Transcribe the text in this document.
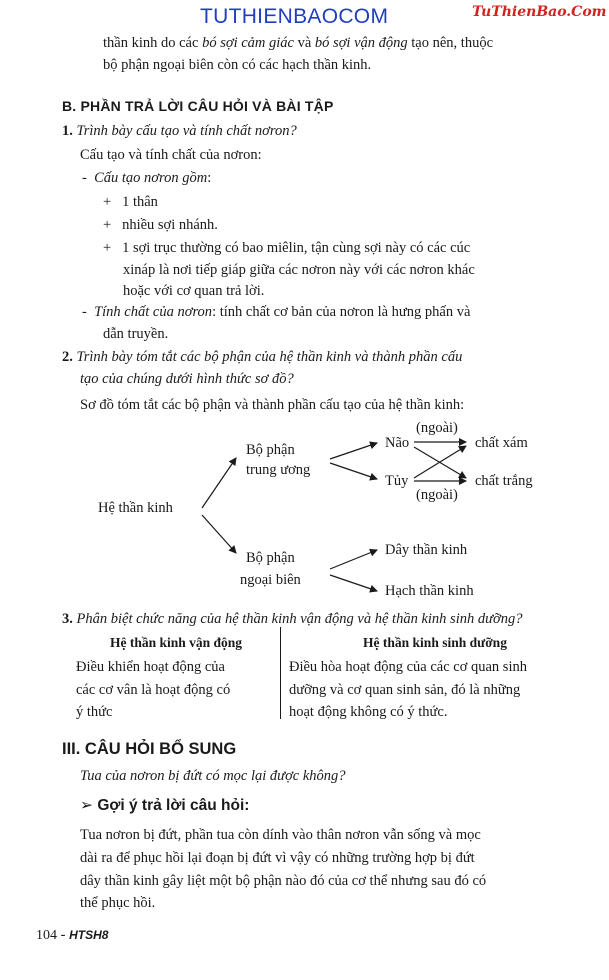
TUTHIENBAOCOM	TuThienBao.Com
thần kinh do các bó sợi cảm giác và bó sợi vận động tạo nên, thuộc
bộ phận ngoại biên còn có các hạch thần kinh.
B. PHẦN TRẢ LỜI CÂU HỎI VÀ BÀI TẬP
1. Trình bày cấu tạo và tính chất nơron?
Cấu tạo và tính chất của nơron:
- Cấu tạo nơron gồm:
+ 1 thân
+ nhiều sợi nhánh.
+ 1 sợi trục thường có bao miêlin, tận cùng sợi này có các cúc
xináp là nơi tiếp giáp giữa các nơron này với các nơron khác
hoặc với cơ quan trả lời.
- Tính chất của nơron: tính chất cơ bản của nơron là hưng phấn và
dẫn truyền.
2. Trình bày tóm tắt các bộ phận của hệ thần kinh và thành phần cấu
tạo của chúng dưới hình thức sơ đồ?
Sơ đồ tóm tắt các bộ phận và thành phần cấu tạo của hệ thần kinh:
Hệ thần kinh
Bộ phận
trung ương
Bộ phận
ngoại biên
Não
Tủy
(ngoài)
(ngoài)
chất xám
chất trắng
Dây thần kinh
Hạch thần kinh
3. Phân biệt chức năng của hệ thần kinh vận động và hệ thần kinh sinh dưỡng?
Hệ thần kinh vận động	Hệ thần kinh sinh dưỡng
Điều khiển hoạt động của
các cơ vân là hoạt động có
ý thức
Điều hòa hoạt động của các cơ quan sinh
dưỡng và cơ quan sinh sản, đó là những
hoạt động không có ý thức.
III. CÂU HỎI BỔ SUNG
Tua của nơron bị đứt có mọc lại được không?
➢ Gợi ý trả lời câu hỏi:
Tua nơron bị đứt, phần tua còn dính vào thân nơron vẫn sống và mọc
dài ra để phục hồi lại đoạn bị đứt vì vậy có những trường hợp bị đứt
dây thần kinh gây liệt một bộ phận nào đó của cơ thể nhưng sau đó có
thể phục hồi.
104 - HTSH8
